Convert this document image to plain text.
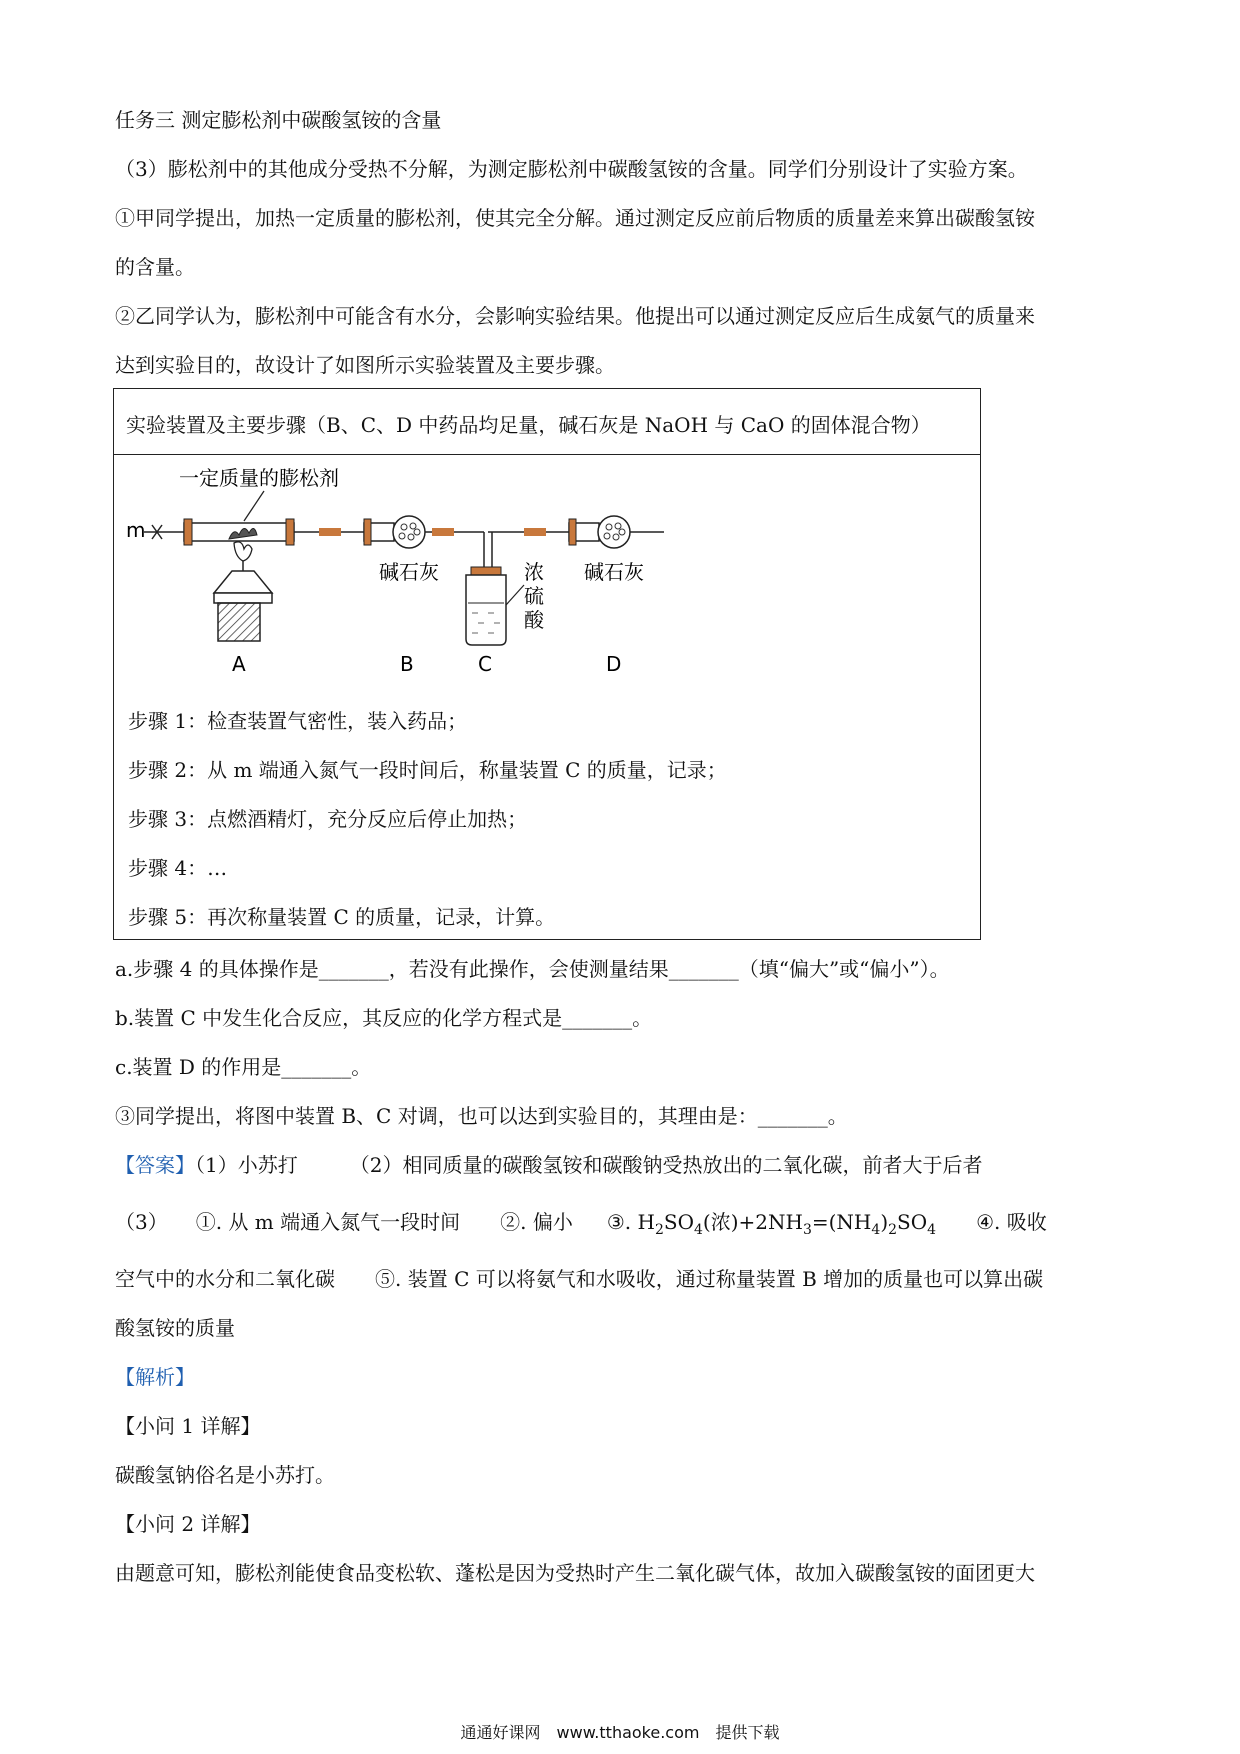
任务三 测定膨松剂中碳酸氢铵的含量
（3）膨松剂中的其他成分受热不分解，为测定膨松剂中碳酸氢铵的含量。同学们分别设计了实验方案。
①甲同学提出，加热一定质量的膨松剂，使其完全分解。通过测定反应前后物质的质量差来算出碳酸氢铵
的含量。
②乙同学认为，膨松剂中可能含有水分，会影响实验结果。他提出可以通过测定反应后生成氨气的质量来
达到实验目的，故设计了如图所示实验装置及主要步骤。
实验装置及主要步骤（B、C、D 中药品均足量，碱石灰是 NaOH 与 CaO 的固体混合物）
一定质量的膨松剂
m
碱石灰	浓
硫
酸
碱石灰
A	B	C	D
步骤 1：检查装置气密性，装入药品；
步骤 2：从 m 端通入氮气一段时间后，称量装置 C 的质量，记录；
步骤 3：点燃酒精灯，充分反应后停止加热；
步骤 4：…
步骤 5：再次称量装置 C 的质量，记录，计算。
a.步骤 4 的具体操作是_______，若没有此操作，会使测量结果_______（填“偏大”或“偏小”）。
b.装置 C 中发生化合反应，其反应的化学方程式是_______。
c.装置 D 的作用是_______。
③同学提出，将图中装置 B、C 对调，也可以达到实验目的，其理由是：_______。
【答案】（1）小苏打	（2）相同质量的碳酸氢铵和碳酸钠受热放出的二氧化碳，前者大于后者
（3） ①. 从 m 端通入氮气一段时间 ②. 偏小 ③. $H_2SO_4$(浓)$+2NH_3=(NH_4)_2SO_4$ ④. 吸收
空气中的水分和二氧化碳　　⑤. 装置 C 可以将氨气和水吸收，通过称量装置 B 增加的质量也可以算出碳
酸氢铵的质量
【解析】
【小问 1 详解】
碳酸氢钠俗名是小苏打。
【小问 2 详解】
由题意可知，膨松剂能使食品变松软、蓬松是因为受热时产生二氧化碳气体，故加入碳酸氢铵的面团更大
通通好课网　www.tthaoke.com　提供下载
